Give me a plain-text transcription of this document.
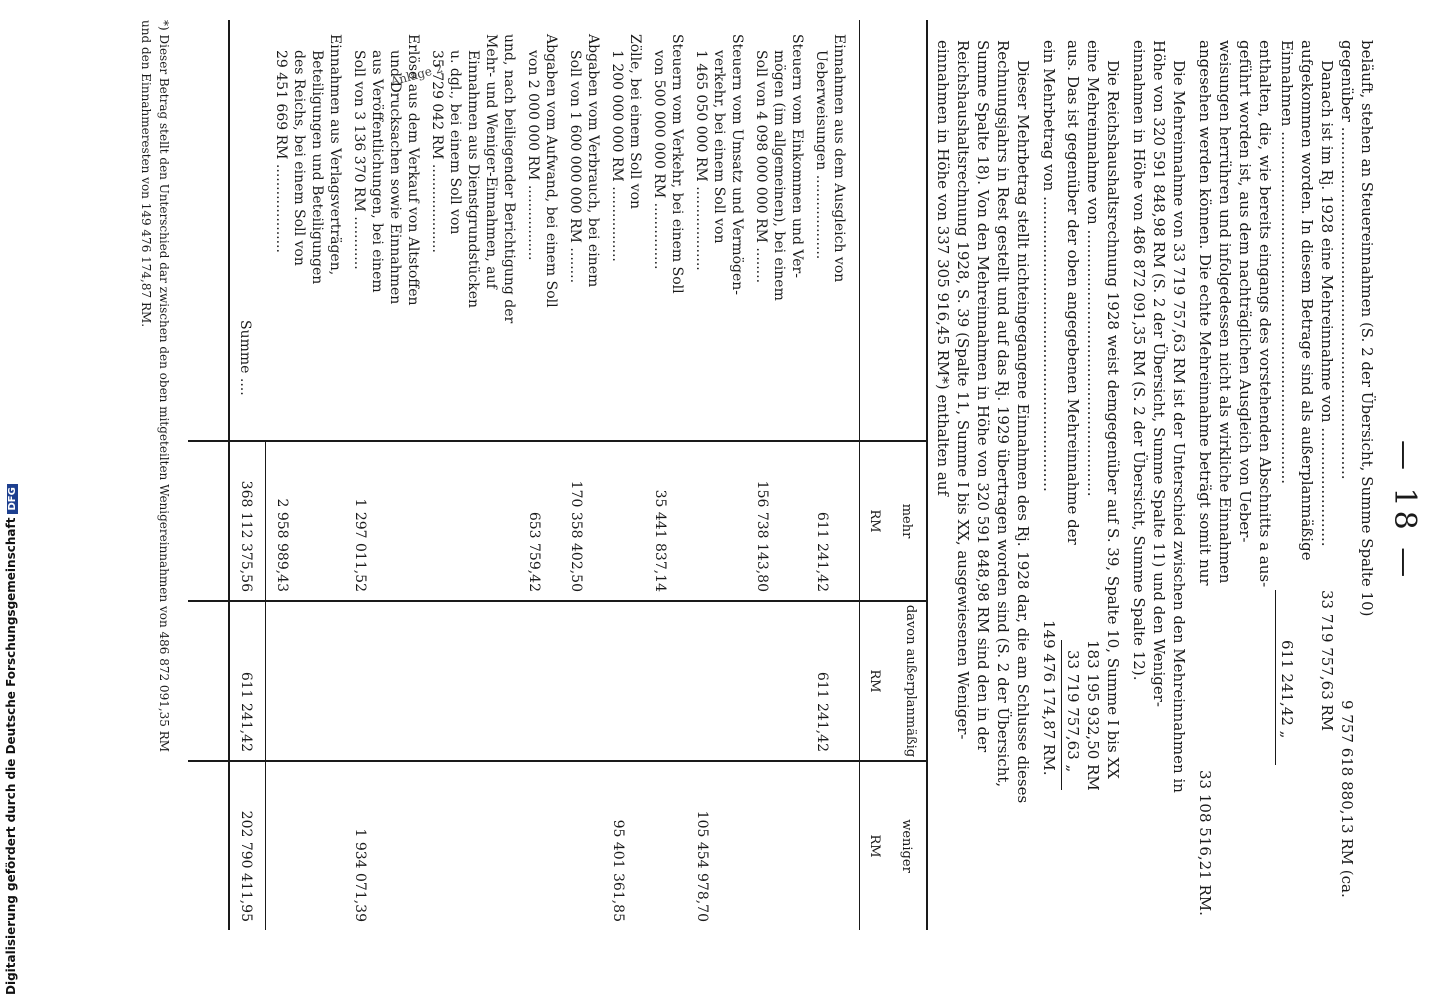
— 18 —
Anlage 2	beläuft, stehen an Steuereinnahmen (S. 2 der Übersicht, Summe Spalte 10)
gegenüber ..........................................................................
9 757 618 880,13 RM (ca.
Danach ist im Rj. 1928 eine Mehreinnahme von .........................
33 719 757,63 RM
aufgekommen worden. In diesem Betrage sind als außerplanmäßige
Einnahmen ..........................................................................
611 241,42 „
enthalten, die, wie bereits eingangs des vorstehenden Abschnitts a aus-
geführt worden ist, aus dem nachträglichen Ausgleich von Ueber-
weisungen herrühren und infolgedessen nicht als wirkliche Einnahmen
angesehen werden können. Die echte Mehreinnahme beträgt somit nur
33 108 516,21 RM.
Die Mehreinnahme von 33 719 757,63 RM ist der Unterschied zwischen den Mehreinnahmen in
Höhe von 320 591 848,98 RM (S. 2 der Übersicht, Summe Spalte 11) und den Weniger-
einnahmen in Höhe von 486 872 091,35 RM (S. 2 der Übersicht, Summe Spalte 12).
Die Reichshaushaltsrechnung 1928 weist demgegenüber auf S. 39, Spalte 10, Summe I bis XX
eine Mehreinnahme von ........................................................
183 195 932,50 RM
aus. Das ist gegenüber der oben angegebenen Mehreinnahme der
33 719 757,63 „
ein Mehrbetrag von ..............................................................
149 476 174,87 RM.
Dieser Mehrbetrag stellt nichteingegangene Einnahmen des Rj. 1928 dar, die am Schlusse dieses
Rechnungsjahrs in Rest gestellt und auf das Rj. 1929 übertragen worden sind (S. 2 der Übersicht,
Summe Spalte 18). Von den Mehreinnahmen in Höhe von 320 591 848,98 RM sind den in der
Reichshaushaltsrechnung 1928, S. 39 (Spalte 11, Summe I bis XX, ausgewiesenen Weniger-
einnahmen in Höhe von 337 305 916,45 RM*) enthalten auf
mehr
RM
davon außerplanmäßig
RM
weniger
RM
Einnahmen aus dem Ausgleich von
Ueberweisungen ...................
611 241,42
611 241,42
Steuern vom Einkommen und Ver-
mögen (im allgemeinen), bei einem
Soll von 4 098 000 000 RM ........
156 738 143,80
Steuern vom Umsatz und Vermögen-
verkehr, bei einem Soll von
1 465 050 000 RM ...................
105 454 978,70
Steuern vom Verkehr, bei einem Soll
von 500 000 000 RM ...............
35 441 837,14
Zölle, bei einem Soll von
1 200 000 000 RM .................
95 401 361,85
Abgaben vom Verbrauch, bei einem
Soll von 1 600 000 000 RM ........
170 358 402,50
Abgaben vom Aufwand, bei einem Soll
von 2 000 000 RM .................
653 759,42
und, nach beiliegender Berichtigung der
Mehr- und Weniger-Einnahmen, auf
Einnahmen aus Dienstgrundstücken
u. dgl., bei einem Soll von
35 729 042 RM ....................
Erlöse aus dem Verkauf von Altstoffen
und Drucksachen sowie Einnahmen
aus Veröffentlichungen, bei einem
Soll von 3 136 370 RM ............
1 297 011,52
1 934 071,39
Einnahmen aus Verlagsverträgen,
Beteiligungen und Beteiligungen
des Reichs, bei einem Soll von
29 451 669 RM ....................
2 958 989,43
Summe ....
368 112 375,56
611 241,42
202 790 411,95
*) Dieser Betrag stellt den Unterschied dar zwischen den oben mitgeteilten Wenigereinnahmen von 486 872 091,35 RM
und den Einnahmeresten von 149 476 174,87 RM.
Digitalisierung gefördert durch die Deutsche ForschungsgemeinschaftDFG
